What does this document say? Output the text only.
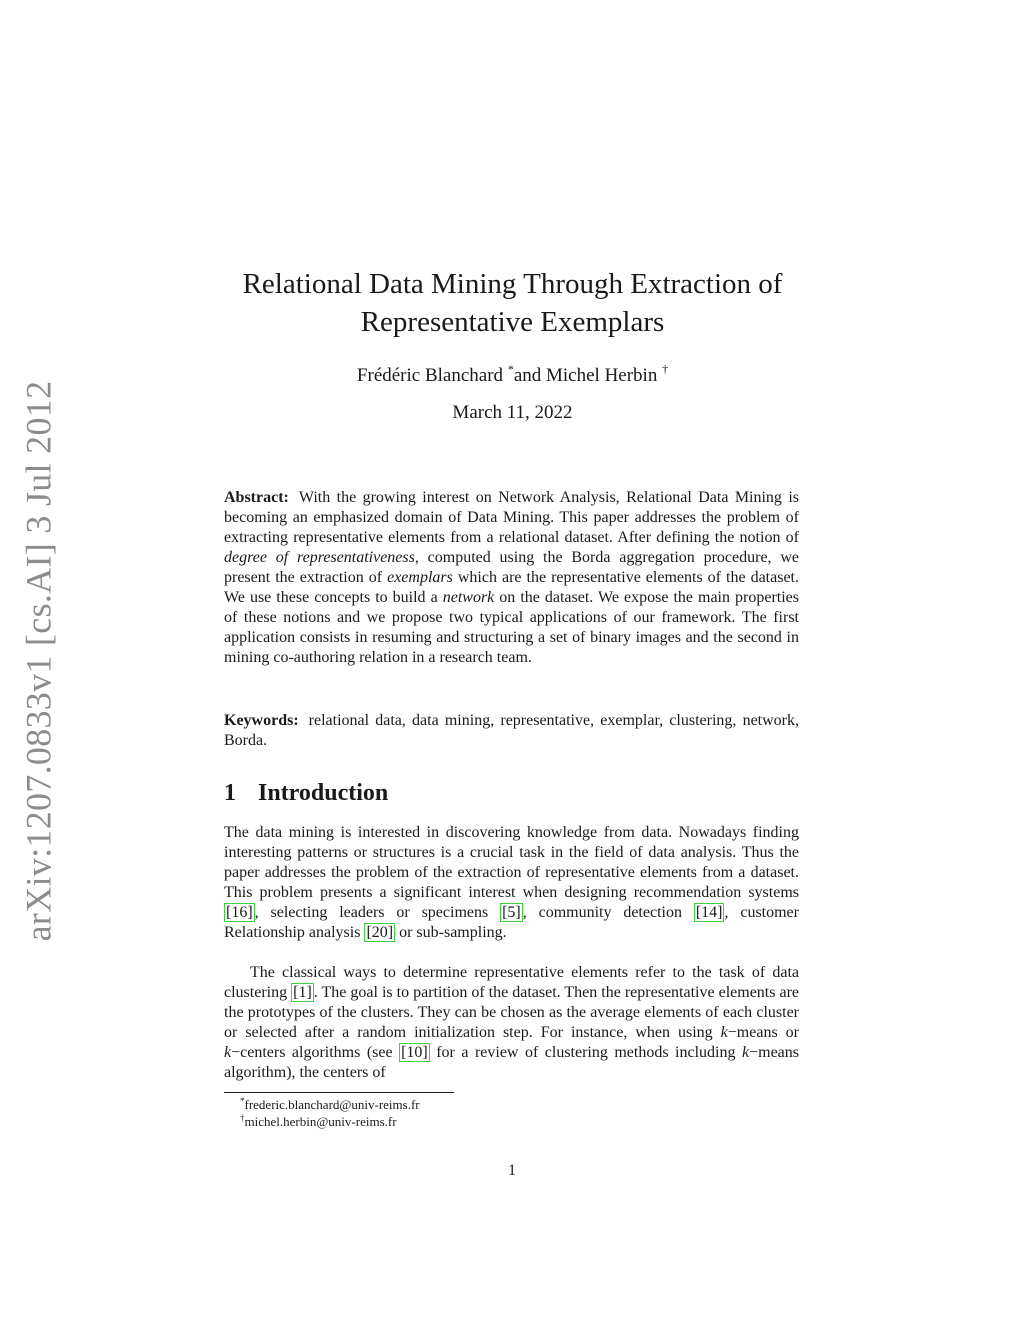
arXiv:1207.0833v1 [cs.AI] 3 Jul 2012
Relational Data Mining Through Extraction of
Representative Exemplars
Frédéric Blanchard *and Michel Herbin †
March 11, 2022

Abstract: With the growing interest on Network Analysis, Relational Data Mining is becoming an emphasized domain of Data Mining. This paper addresses the problem of extracting representative elements from a relational dataset. After defining the notion of degree of representativeness, computed using the Borda aggregation procedure, we present the extraction of exemplars which are the representative elements of the dataset. We use these concepts to build a network on the dataset. We expose the main properties of these notions and we propose two typical applications of our framework. The first application consists in resuming and structuring a set of binary images and the second in mining co-authoring relation in a research team.

Keywords: relational data, data mining, representative, exemplar, clustering, network, Borda.

1 Introduction

The data mining is interested in discovering knowledge from data. Nowadays finding interesting patterns or structures is a crucial task in the field of data analysis. Thus the paper addresses the problem of the extraction of representative elements from a dataset. This problem presents a significant interest when designing recommendation systems [16] , selecting leaders or specimens [5] , community detection [14] , customer Relationship analysis [20] or sub-sampling.

The classical ways to determine representative elements refer to the task of data clustering [1] . The goal is to partition of the dataset. Then the representative elements are the prototypes of the clusters. They can be chosen as the average elements of each cluster or selected after a random initialization step. For instance, when using k−means or k−centers algorithms (see [10] for a review of clustering methods including k−means algorithm), the centers of

*frederic.blanchard@univ-reims.fr
†michel.herbin@univ-reims.fr
1
